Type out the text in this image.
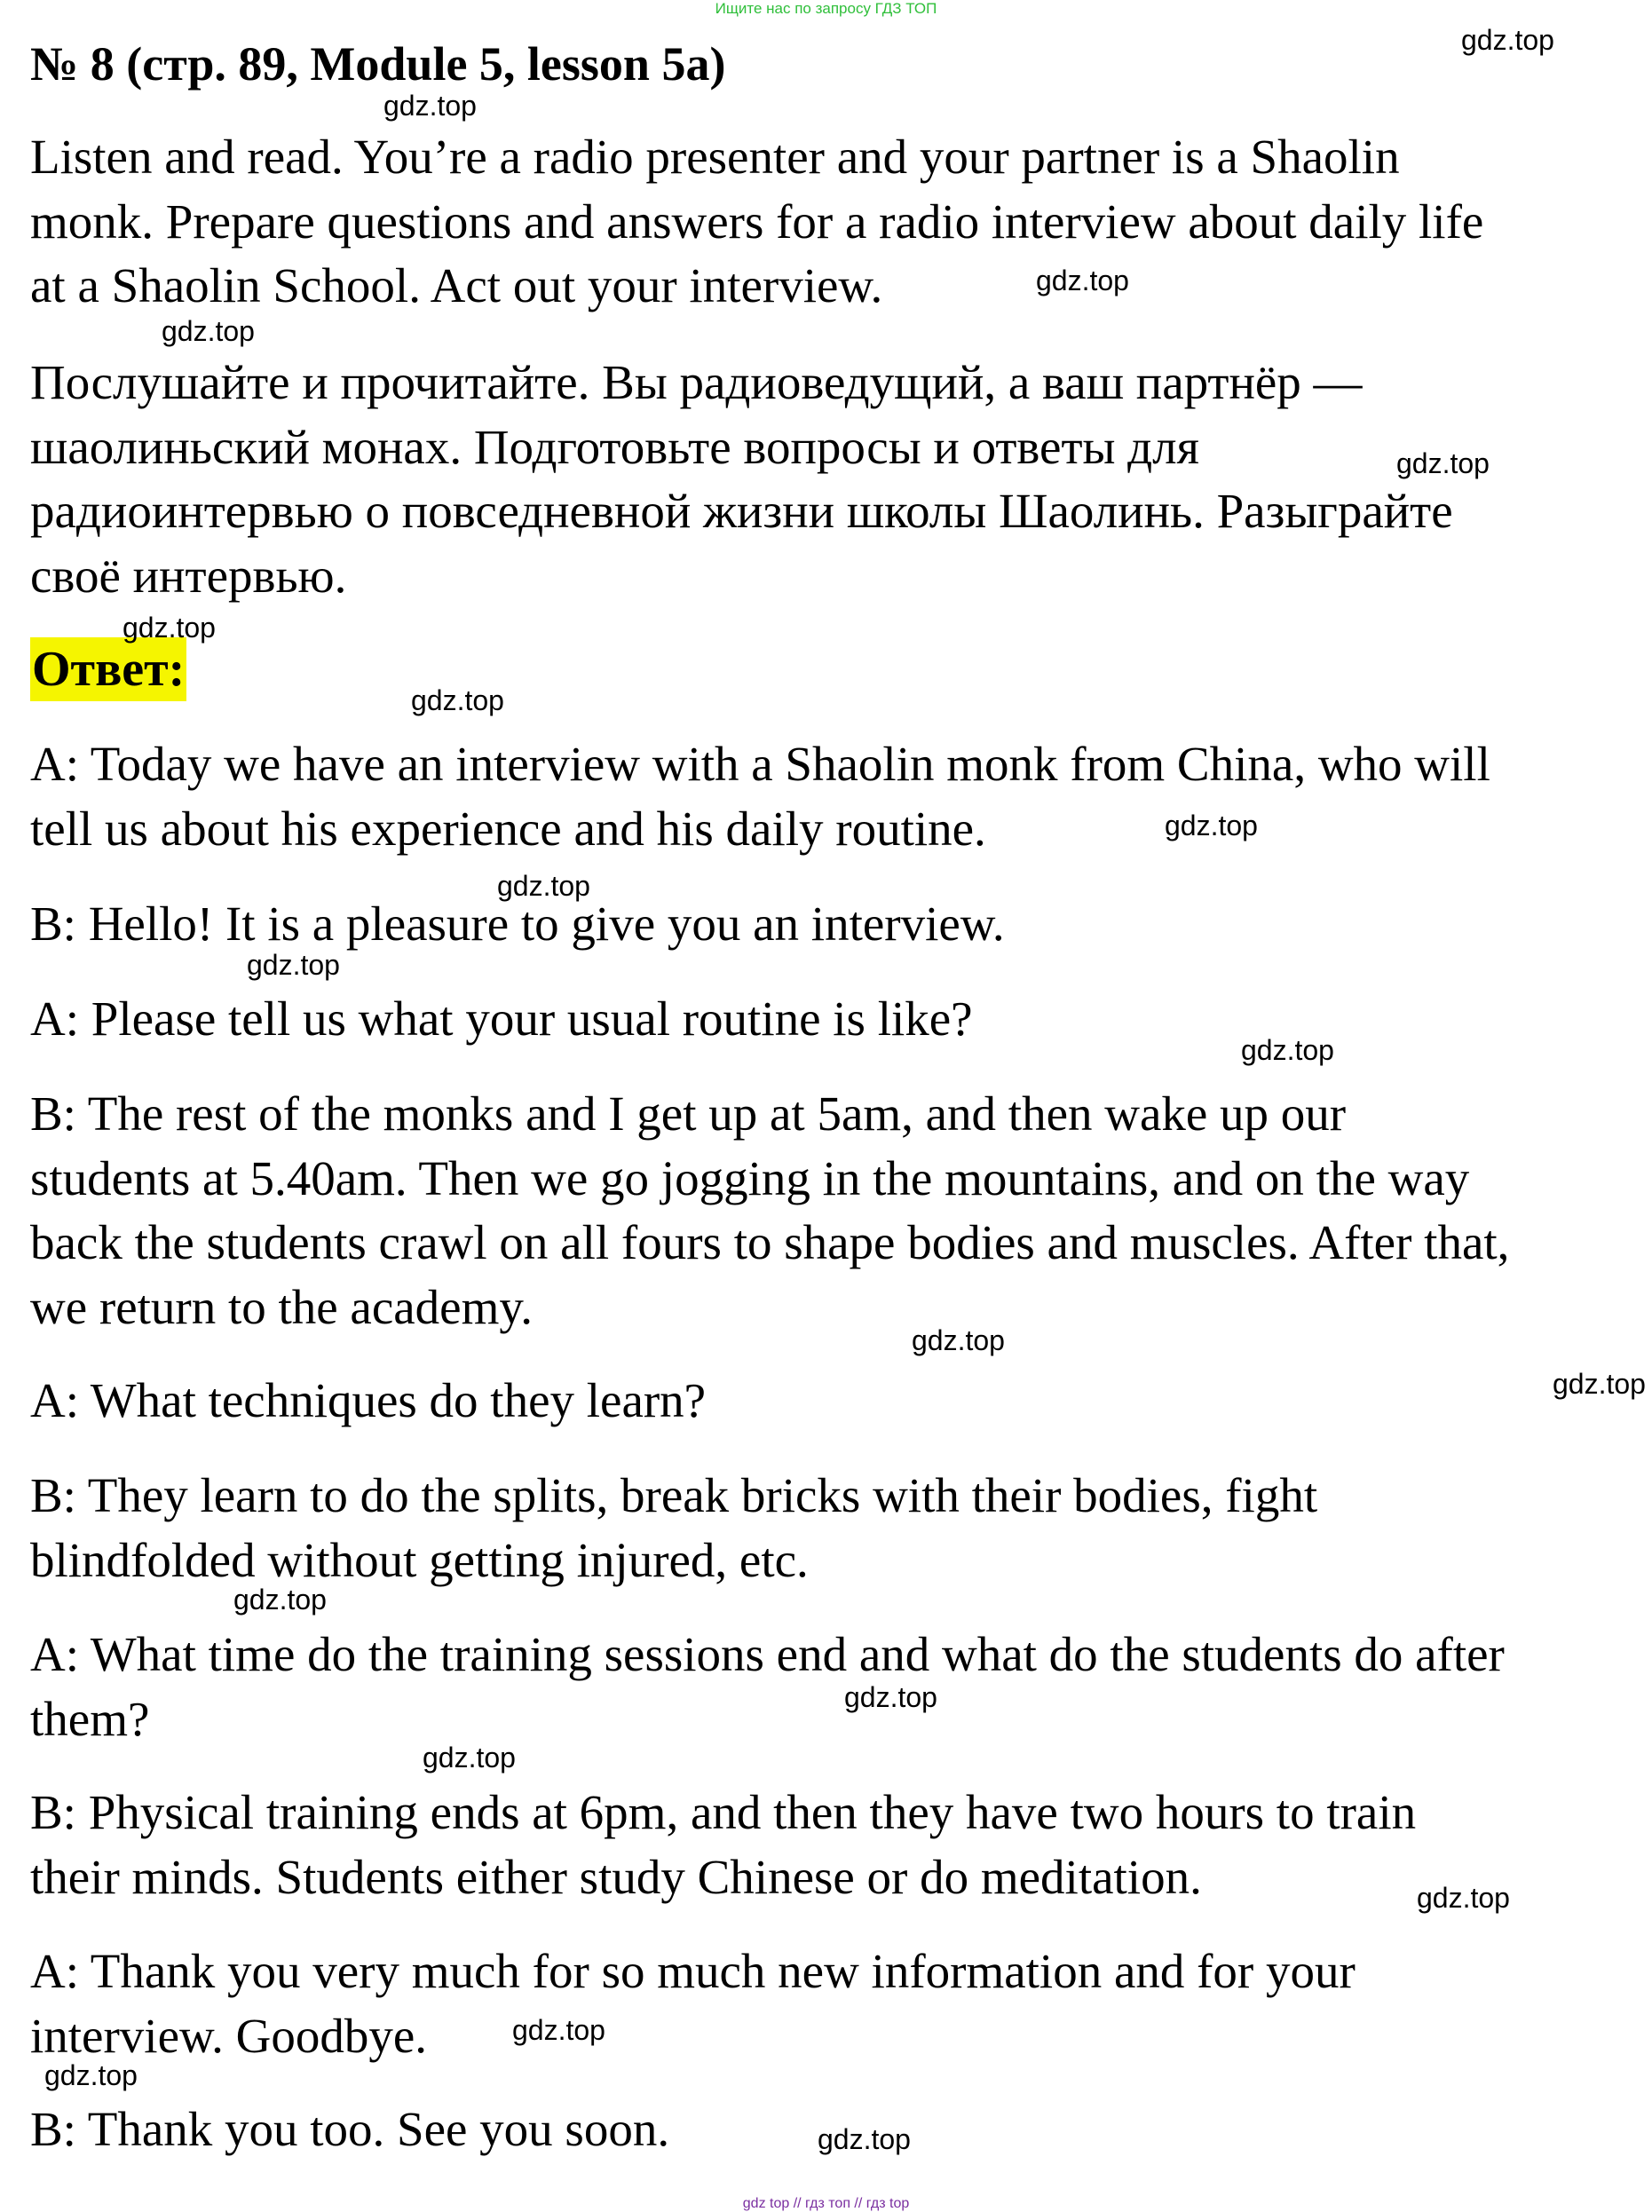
Ищите нас по запросу ГДЗ ТОП
№ 8 (стр. 89, Module 5, lesson 5a)
Listen and read. You’re a radio presenter and your partner is a Shaolin
monk. Prepare questions and answers for a radio interview about daily life
at a Shaolin School. Act out your interview.
Послушайте и прочитайте. Вы радиоведущий, а ваш партнёр —
шаолиньский монах. Подготовьте вопросы и ответы для
радиоинтервью о повседневной жизни школы Шаолинь. Разыграйте
своё интервью.
Ответ:
A: Today we have an interview with a Shaolin monk from China, who will
tell us about his experience and his daily routine.
B: Hello! It is a pleasure to give you an interview.
A: Please tell us what your usual routine is like?
B: The rest of the monks and I get up at 5am, and then wake up our
students at 5.40am. Then we go jogging in the mountains, and on the way
back the students crawl on all fours to shape bodies and muscles. After that,
we return to the academy.
A: What techniques do they learn?
B: They learn to do the splits, break bricks with their bodies, fight
blindfolded without getting injured, etc.
A: What time do the training sessions end and what do the students do after
them?
B: Physical training ends at 6pm, and then they have two hours to train
their minds. Students either study Chinese or do meditation.
A: Thank you very much for so much new information and for your
interview. Goodbye.
B: Thank you too. See you soon.
gdz.top
gdz.top
gdz.top
gdz.top
gdz.top
gdz.top
gdz.top
gdz.top
gdz.top
gdz.top
gdz.top
gdz.top
gdz.top
gdz.top
gdz.top
gdz.top
gdz.top
gdz.top
gdz.top
gdz.top
gdz top // гдз топ // гдз top
